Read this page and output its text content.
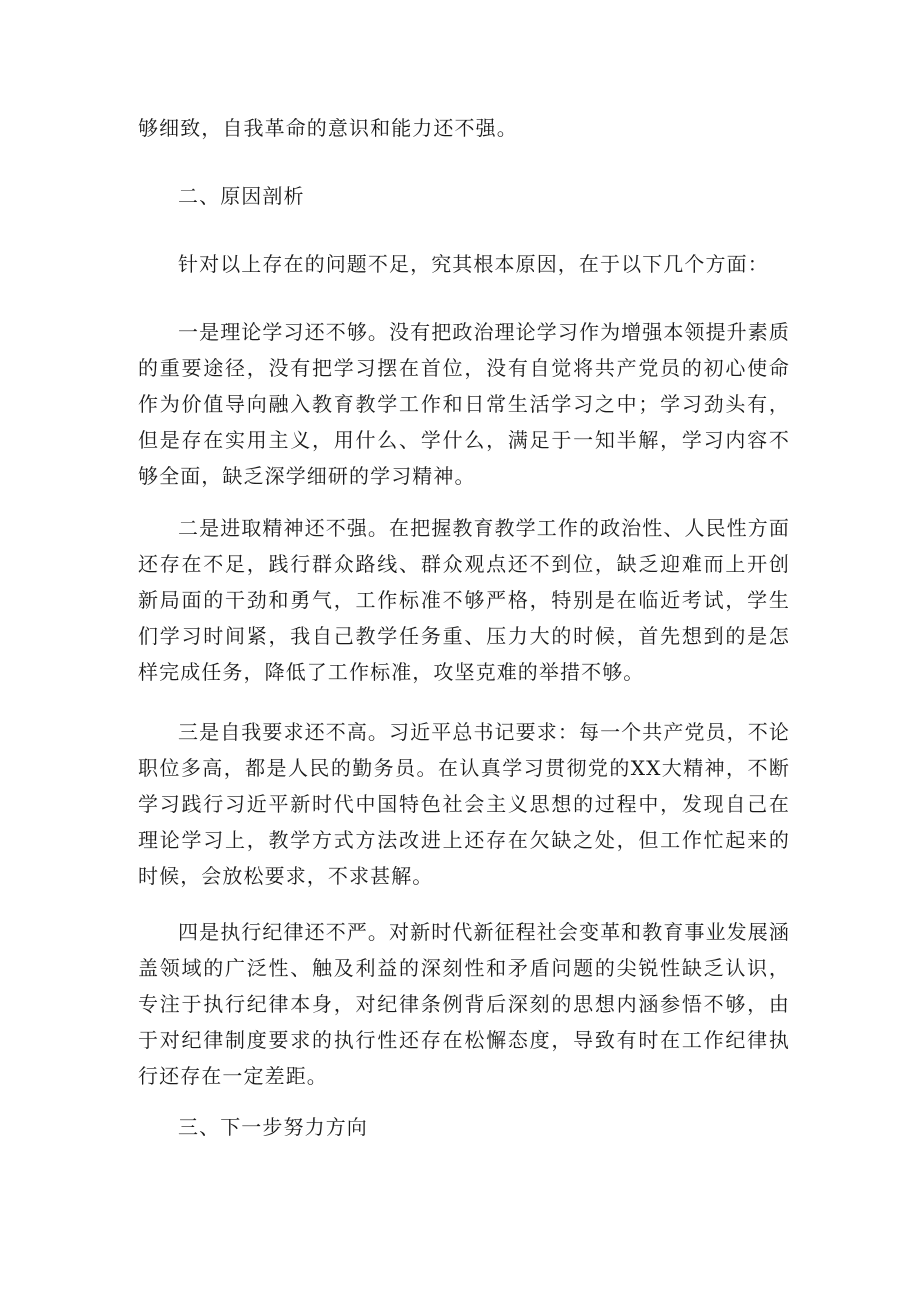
够细致，自我革命的意识和能力还不强。

二、原因剖析

针对以上存在的问题不足，究其根本原因，在于以下几个方面：

一是理论学习还不够。没有把政治理论学习作为增强本领提升素质的重要途径，没有把学习摆在首位，没有自觉将共产党员的初心使命作为价值导向融入教育教学工作和日常生活学习之中；学习劲头有，但是存在实用主义，用什么、学什么，满足于一知半解，学习内容不够全面，缺乏深学细研的学习精神。

二是进取精神还不强。在把握教育教学工作的政治性、人民性方面还存在不足，践行群众路线、群众观点还不到位，缺乏迎难而上开创新局面的干劲和勇气，工作标准不够严格，特别是在临近考试，学生们学习时间紧，我自己教学任务重、压力大的时候，首先想到的是怎样完成任务，降低了工作标准，攻坚克难的举措不够。

三是自我要求还不高。习近平总书记要求：每一个共产党员，不论职位多高，都是人民的勤务员。在认真学习贯彻党的XX大精神，不断学习践行习近平新时代中国特色社会主义思想的过程中，发现自己在理论学习上，教学方式方法改进上还存在欠缺之处，但工作忙起来的时候，会放松要求，不求甚解。

四是执行纪律还不严。对新时代新征程社会变革和教育事业发展涵盖领域的广泛性、触及利益的深刻性和矛盾问题的尖锐性缺乏认识，专注于执行纪律本身，对纪律条例背后深刻的思想内涵参悟不够，由于对纪律制度要求的执行性还存在松懈态度，导致有时在工作纪律执行还存在一定差距。

三、下一步努力方向
